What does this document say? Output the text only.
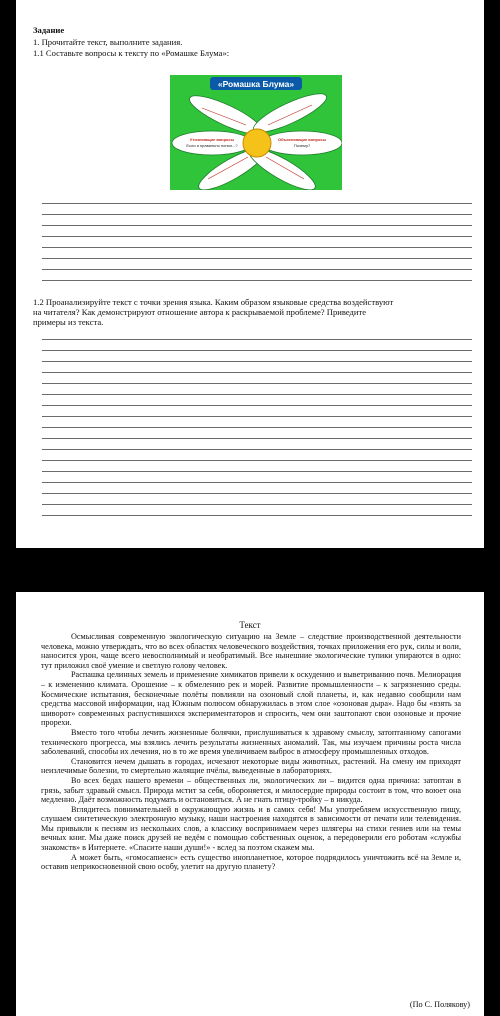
Задание
1. Прочитайте текст, выполните задания.
1.1 Составьте вопросы к тексту по «Ромашке Блума»:
«Ромашка Блума»
Уточняющие вопросы
Если я правильно понял...?
Объясняющие вопросы
Почему?
1.2 Проанализируйте текст с точки зрения языка. Каким образом языковые средства воздействуют
на читателя? Как демонстрируют отношение автора к раскрываемой проблеме? Приведите
примеры из текста.
Текст

Осмысливая современную экологическую ситуацию на Земле – следствие производственной деятельности человека, можно утверждать, что во всех областях человеческого воздействия, точках приложения его рук, силы и воли, наносится урон, чаще всего невосполнимый и необратимый. Все нынешние экологические тупики упираются в одно: тут приложил своё умение и светлую голову человек.

Распашка целинных земель и применение химикатов привели к оскудению и выветриванию почв. Мелиорация – к изменению климата. Орошение – к обмелению рек и морей. Развитие промышленности – к загрязнению среды. Космические испытания, бесконечные полёты повлияли на озоновый слой планеты, и, как недавно сообщили нам средства массовой информации, над Южным полюсом обнаружилась в этом слое «озоновая дыра». Надо бы «взять за шиворот» современных распустившихся экспериментаторов и спросить, чем они заштопают свои озоновые и прочие прорехи.

Вместо того чтобы лечить жизненные болячки, прислушиваться к здравому смыслу, затоптанному сапогами технического прогресса, мы взялись лечить результаты жизненных аномалий. Так, мы изучаем причины роста числа заболеваний, способы их лечения, но в то же время увеличиваем выброс в атмосферу промышленных отходов.

Становится нечем дышать в городах, исчезают некоторые виды животных, растений. На смену им приходят неизлечимые болезни, то смертельно жалящие пчёлы, выведенные в лабораториях.

Во всех бедах нашего времени – общественных ли, экологических ли – видится одна причина: затоптан в грязь, забыт здравый смысл. Природа мстит за себя, обороняется, и милосердие природы состоит в том, что воюет она медленно. Даёт возможность подумать и остановиться. А не гнать птицу-тройку – в никуда.

Вглядитесь повнимательней в окружающую жизнь и в самих себя! Мы употребляем искусственную пищу, слушаем синтетическую электронную музыку, наши настроения находятся в зависимости от печати или телевидения. Мы привыкли к песням из нескольких слов, а классику воспринимаем через шлягеры на стихи гениев или на темы вечных книг. Мы даже поиск друзей не ведём с помощью собственных оценок, а передоверили его роботам «службы знакомств» в Интернете. «Спасите наши души!» - вслед за поэтом скажем мы.

А может быть, «гомосапиенс» есть существо инопланетное, которое подрядилось уничтожить всё на Земле и, оставив неприкосновенной свою особу, улетит на другую планету?

(По С. Полякову)
